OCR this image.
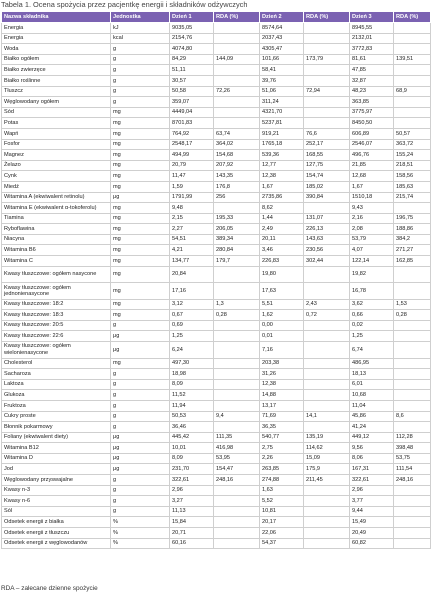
Tabela 1. Ocena spożycia przez pacjentkę energii i składników odżywczych
Nazwa składnika	Jednostka	Dzień 1	RDA (%)	Dzień 2	RDA (%)	Dzień 3	RDA (%)
Energia	kJ	9035,05		8574,64		8945,55	
Energia	kcal	2154,76		2037,43		2132,01	
Woda	g	4074,80		4305,47		3772,83	
Białko ogółem	g	84,29	144,09	101,66	173,79	81,61	139,51
Białko zwierzęce	g	51,11		58,41		47,85	
Białko roślinne	g	30,57		39,76		32,87	
Tłuszcz	g	50,58	72,26	51,06	72,94	48,23	68,9
Węglowodany ogółem	g	359,07		311,24		363,85	
Sód	mg	4449,04		4321,70		3775,97	
Potas	mg	8701,83		5237,81		8450,50	
Wapń	mg	764,92	63,74	919,21	76,6	606,89	50,57
Fosfor	mg	2548,17	364,02	1765,18	252,17	2546,07	363,72
Magnez	mg	494,99	154,68	539,36	168,55	496,76	155,24
Żelazo	mg	20,79	207,92	12,77	127,75	21,85	218,51
Cynk	mg	11,47	143,35	12,38	154,74	12,68	158,56
Miedź	mg	1,59	176,8	1,67	185,02	1,67	185,63
Witamina A (ekwiwalent retinolu)	μg	1791,99	256	2735,86	390,84	1510,18	215,74
Witamina E (ekwiwalent α-tokoferolu)	mg	9,48		8,62		9,43	
Tiamina	mg	2,15	195,33	1,44	131,07	2,16	196,75
Ryboflawina	mg	2,27	206,05	2,49	226,13	2,08	188,86
Niacyna	mg	54,51	389,34	20,11	143,63	53,79	384,2
Witamina B6	mg	4,21	280,84	3,46	230,56	4,07	271,27
Witamina C	mg	134,77	179,7	226,83	302,44	122,14	162,85
Kwasy tłuszczowe: ogółem nasycone	mg	20,84		19,80		19,82	
Kwasy tłuszczowe: ogółem jednonienasycone	mg	17,16		17,63		16,78	
Kwasy tłuszczowe: 18:2	mg	3,12	1,3	5,51	2,43	3,62	1,53
Kwasy tłuszczowe: 18:3	mg	0,67	0,28	1,62	0,72	0,66	0,28
Kwasy tłuszczowe: 20:5	g	0,69		0,00		0,02	
Kwasy tłuszczowe: 22:6	μg	1,25		0,01		1,25	
Kwasy tłuszczowe: ogółem wielonienasycone	μg	6,24		7,16		6,74	
Cholesterol	mg	497,30		203,38		486,95	
Sacharoza	g	18,98		31,26		18,13	
Laktoza	g	8,09		12,38		6,01	
Glukoza	g	11,52		14,88		10,68	
Fruktoza	g	11,94		13,17		11,04	
Cukry proste	g	50,53	9,4	71,69	14,1	45,86	8,6
Błonnik pokarmowy	g	36,46		36,35		41,24	
Foliany (ekwiwalent diety)	μg	445,42	111,35	540,77	135,19	449,12	112,28
Witamina B12	μg	10,01	416,98	2,75	114,62	9,56	398,48
Witamina D	μg	8,09	53,95	2,26	15,09	8,06	53,75
Jod	μg	231,70	154,47	263,85	175,9	167,31	111,54
Węglowodany przyswajalne	g	322,61	248,16	274,88	211,45	322,61	248,16
Kwasy n-3	g	2,96		1,63		2,96	
Kwasy n-6	g	3,27		5,52		3,77	
Sól	g	11,13		10,81		9,44	
Odsetek energii z białka	%	15,84		20,17		15,49	
Odsetek energii z tłuszczu	%	20,71		22,06		20,49	
Odsetek energii z węglowodanów	%	60,16		54,37		60,82	
RDA – zalecane dzienne spożycie
